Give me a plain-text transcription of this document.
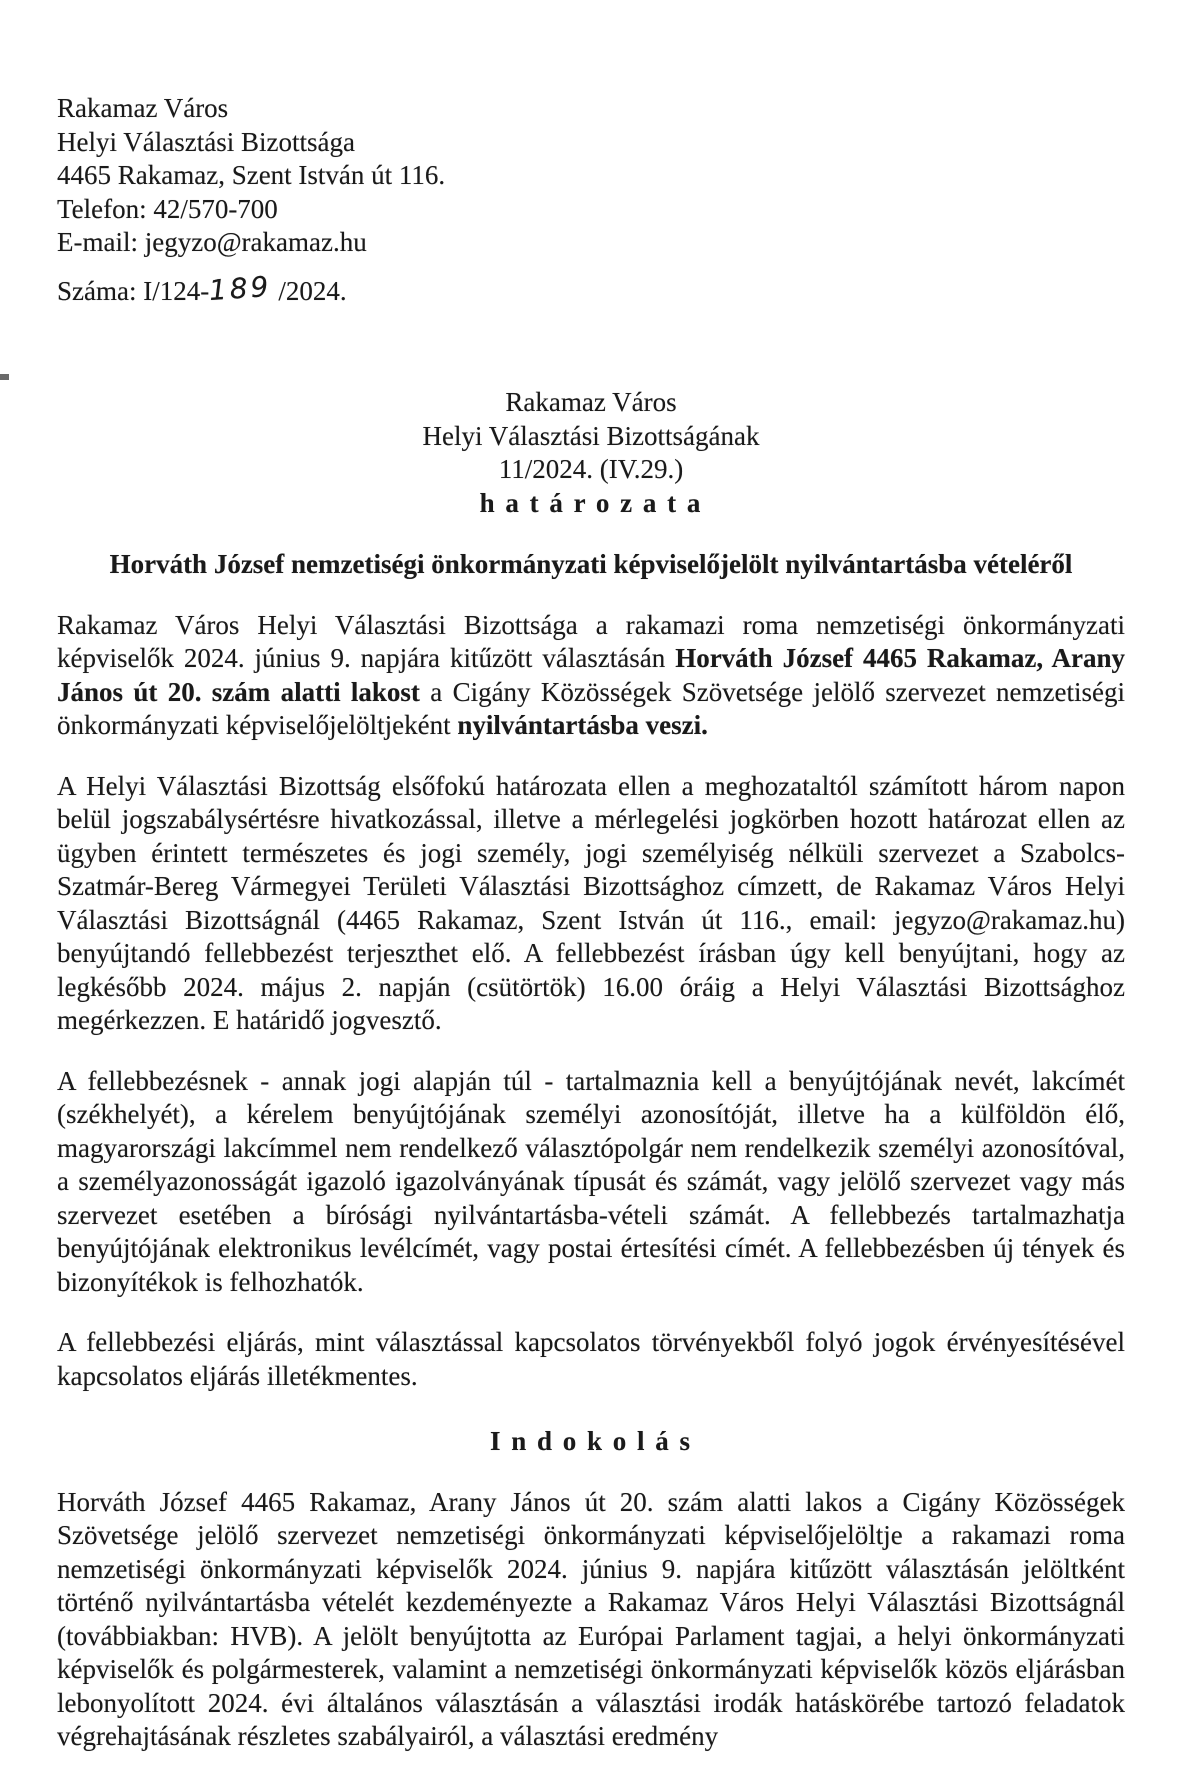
Rakamaz Város
Helyi Választási Bizottsága
4465 Rakamaz, Szent István út 116.
Telefon: 42/570-700
E-mail: jegyzo@rakamaz.hu
Száma: I/124-189 /2024.
Rakamaz Város
Helyi Választási Bizottságának
11/2024. (IV.29.)
h a t á r o z a t a
Horváth József nemzetiségi önkormányzati képviselőjelölt nyilvántartásba vételéről
Rakamaz Város Helyi Választási Bizottsága a rakamazi roma nemzetiségi önkormányzati képviselők 2024. június 9. napjára kitűzött választásán Horváth József 4465 Rakamaz, Arany János út 20. szám alatti lakost a Cigány Közösségek Szövetsége jelölő szervezet nemzetiségi önkormányzati képviselőjelöltjeként nyilvántartásba veszi.
A Helyi Választási Bizottság elsőfokú határozata ellen a meghozataltól számított három napon belül jogszabálysértésre hivatkozással, illetve a mérlegelési jogkörben hozott határozat ellen az ügyben érintett természetes és jogi személy, jogi személyiség nélküli szervezet a Szabolcs-Szatmár-Bereg Vármegyei Területi Választási Bizottsághoz címzett, de Rakamaz Város Helyi Választási Bizottságnál (4465 Rakamaz, Szent István út 116., email: jegyzo@rakamaz.hu) benyújtandó fellebbezést terjeszthet elő. A fellebbezést írásban úgy kell benyújtani, hogy az legkésőbb 2024. május 2. napján (csütörtök) 16.00 óráig a Helyi Választási Bizottsághoz megérkezzen. E határidő jogvesztő.
A fellebbezésnek - annak jogi alapján túl - tartalmaznia kell a benyújtójának nevét, lakcímét (székhelyét), a kérelem benyújtójának személyi azonosítóját, illetve ha a külföldön élő, magyarországi lakcímmel nem rendelkező választópolgár nem rendelkezik személyi azonosítóval, a személyazonosságát igazoló igazolványának típusát és számát, vagy jelölő szervezet vagy más szervezet esetében a bírósági nyilvántartásba-vételi számát. A fellebbezés tartalmazhatja benyújtójának elektronikus levélcímét, vagy postai értesítési címét. A fellebbezésben új tények és bizonyítékok is felhozhatók.
A fellebbezési eljárás, mint választással kapcsolatos törvényekből folyó jogok érvényesítésével kapcsolatos eljárás illetékmentes.
I n d o k o l á s
Horváth József 4465 Rakamaz, Arany János út 20. szám alatti lakos a Cigány Közösségek Szövetsége jelölő szervezet nemzetiségi önkormányzati képviselőjelöltje a rakamazi roma nemzetiségi önkormányzati képviselők 2024. június 9. napjára kitűzött választásán jelöltként történő nyilvántartásba vételét kezdeményezte a Rakamaz Város Helyi Választási Bizottságnál (továbbiakban: HVB). A jelölt benyújtotta az Európai Parlament tagjai, a helyi önkormányzati képviselők és polgármesterek, valamint a nemzetiségi önkormányzati képviselők közös eljárásban lebonyolított 2024. évi általános választásán a választási irodák hatáskörébe tartozó feladatok végrehajtásának részletes szabályairól, a választási eredmény
